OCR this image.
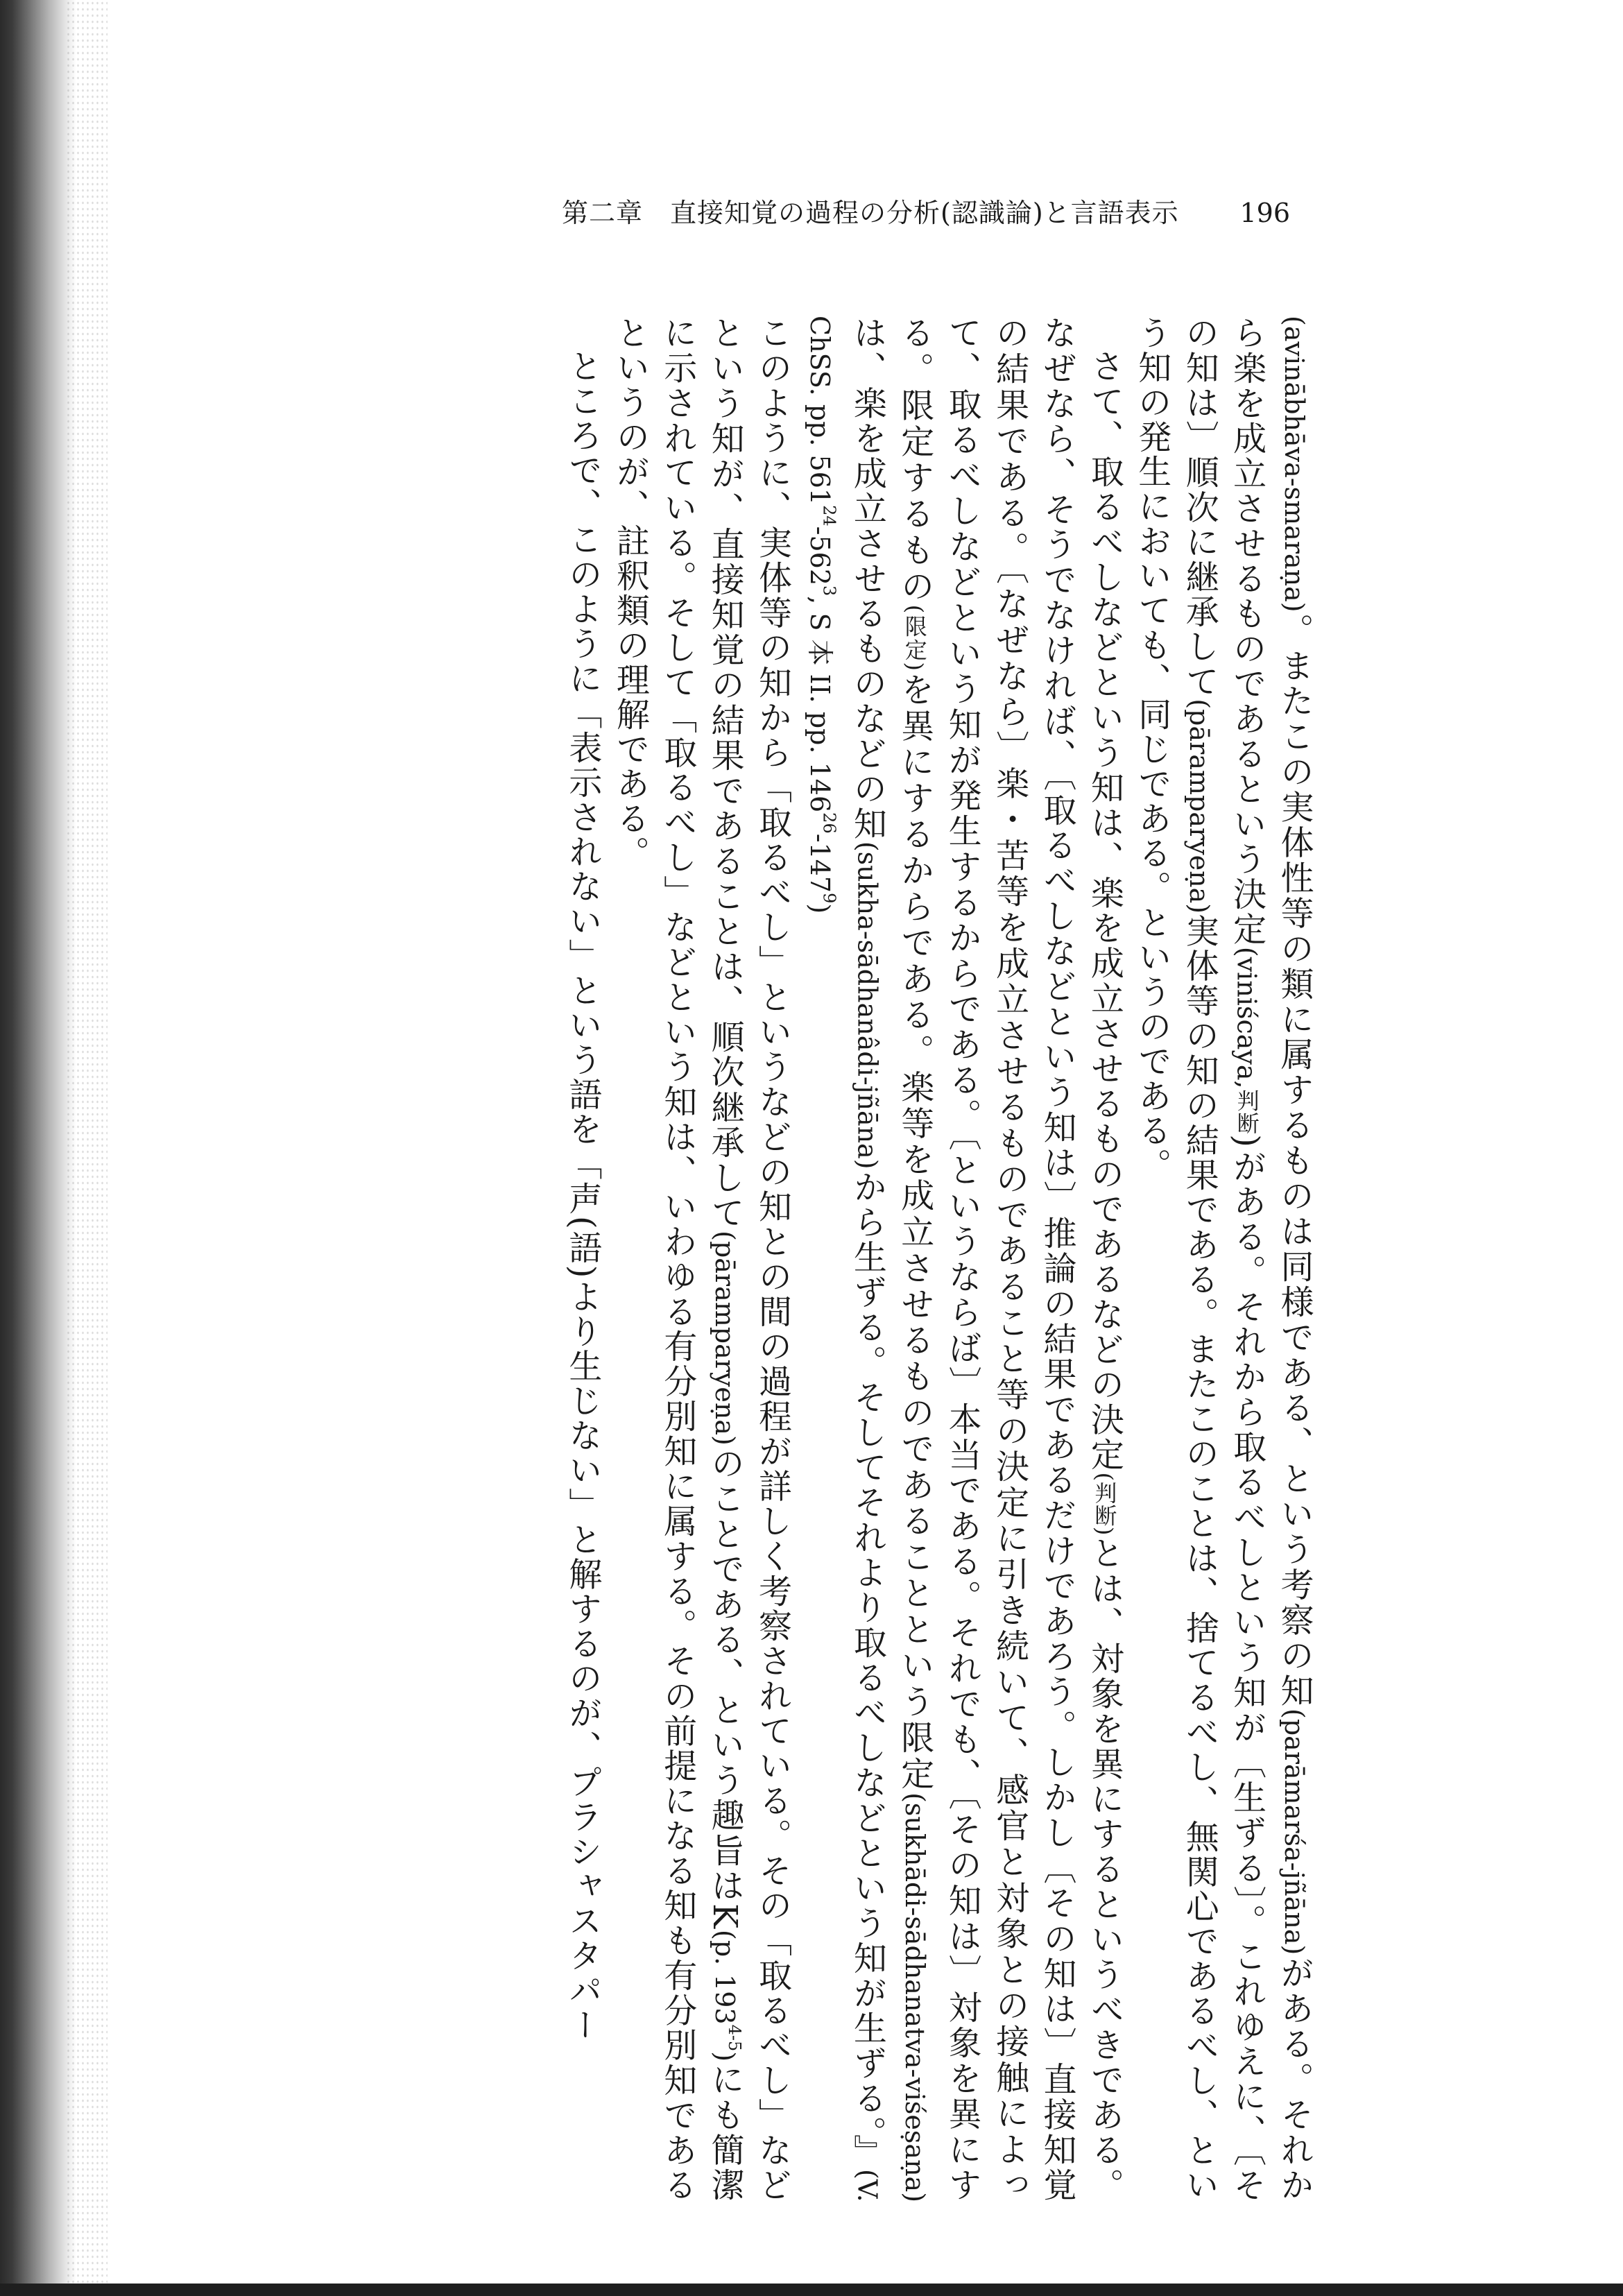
第二章　直接知覚の過程の分析(認識論)と言語表示 196

(avinābhāva-smaraṇa)。またこの実体性等の類に属するものは同様である、という考察の知(parāmarśa-jñāna)がある。それから楽を成立させるものであるという決定(viniścaya,判断)がある。それから取るべしという知が〔生ずる〕。これゆえに、〔その知は〕順次に継承して(pāramparyeṇa)実体等の知の結果である。またこのことは、捨てるべし、無関心であるべし、という知の発生においても、同じである。というのである。

さて、取るべしなどという知は、楽を成立させるものであるなどの決定(判断)とは、対象を異にするというべきである。なぜなら、そうでなければ、〔取るべしなどという知は〕推論の結果であるだけであろう。しかし〔その知は〕直接知覚の結果である。〔なぜなら〕楽・苦等を成立させるものであること等の決定に引き続いて、感官と対象との接触によって、取るべしなどという知が発生するからである。〔というならば〕本当である。それでも、〔その知は〕対象を異にする。限定するもの(限定)を異にするからである。楽等を成立させるものであることという限定(sukhādi-sādhanatva-viśeṣaṇa)は、楽を成立させるものなどの知(sukha-sādhanâdi-jñāna)から生ずる。そしてそれより取るべしなどという知が生ずる。』(V. ChSS. pp. $561^{24}-562^3$, S 本 II. pp. $146^{26}-147^9$)

このように、実体等の知から「取るべし」というなどの知との間の過程が詳しく考察されている。その「取るべし」などという知が、直接知覚の結果であることは、順次継承して(pāramparyeṇa)のことである、という趣旨はK(p. 193$^{4-5}$)にも簡潔に示されている。そして「取るべし」などという知は、いわゆる有分別知に属する。その前提になる知も有分別知であるというのが、註釈類の理解である。

ところで、このように「表示されない」という語を「声(語)より生じない」と解するのが、プラシャスタパー
